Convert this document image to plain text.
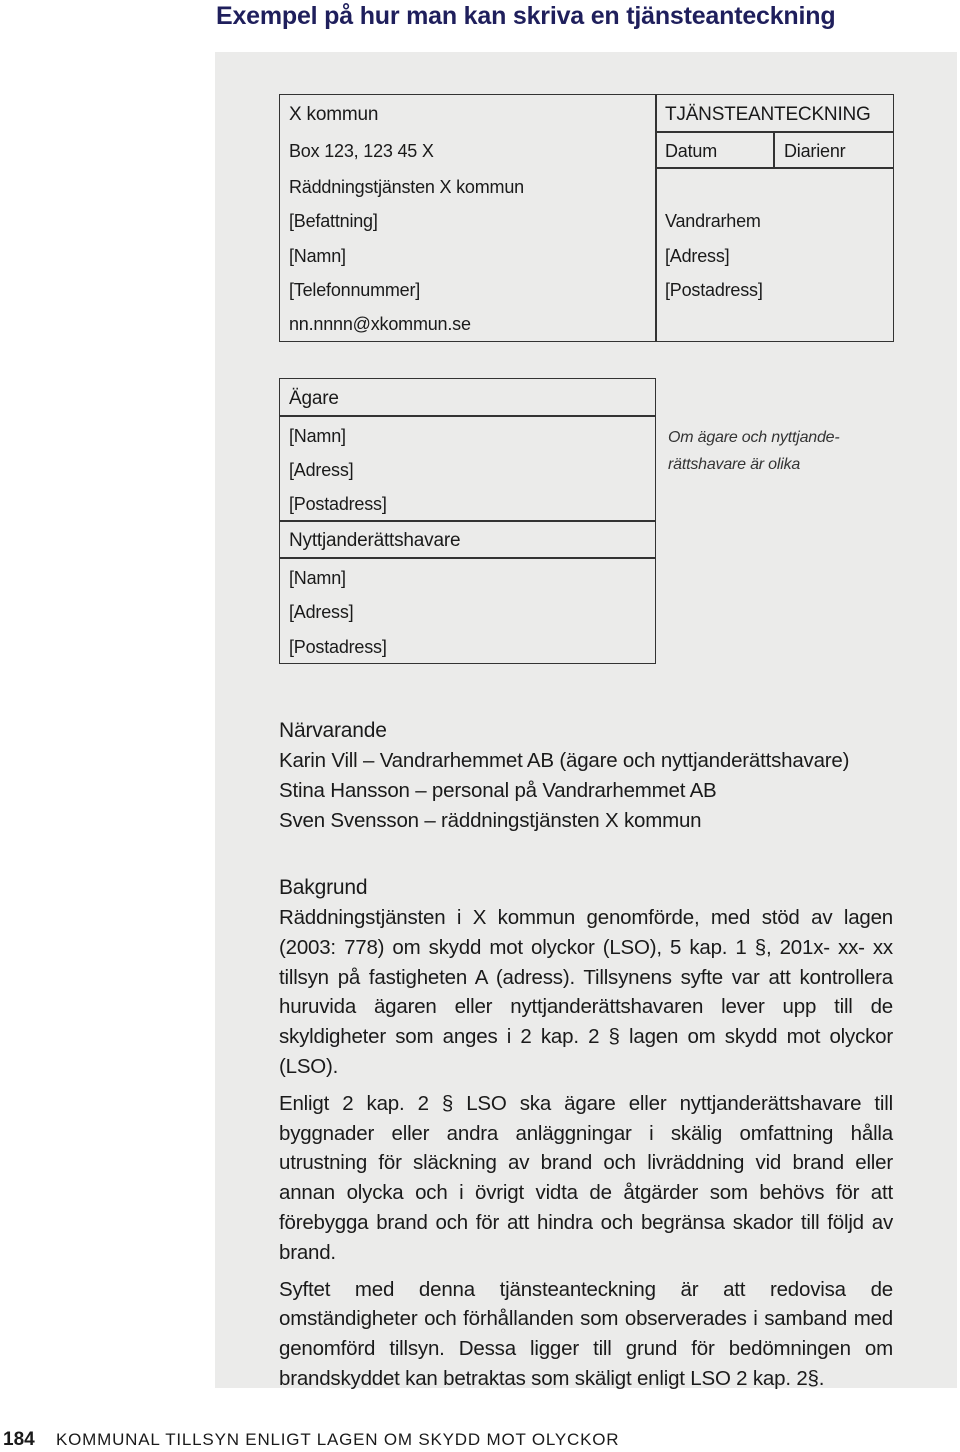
Exempel på hur man kan skriva en tjänsteanteckning

X kommun

Box 123, 123 45 X

Räddningstjänsten X kommun

[Befattning]

[Namn]

[Telefonnummer]

nn.nnnn@xkommun.se

TJÄNSTEANTECKNING

Datum	Diarienr

Vandrarhem

[Adress]

[Postadress]

Ägare

[Namn]

[Adress]

[Postadress]

Nyttjanderättshavare

[Namn]

[Adress]

[Postadress]

Om ägare och nyttjande-

rättshavare är olika

Närvarande

Karin Vill – Vandrarhemmet AB (ägare och nyttjanderättshavare)

Stina Hansson – personal på Vandrarhemmet AB

Sven Svensson – räddningstjänsten X kommun

Bakgrund

Räddningstjänsten i X kommun genomförde, med stöd av lagen (2003: 778) om skydd mot olyckor (LSO), 5 kap. 1 §, 201x- xx- xx tillsyn på fastigheten A (adress). Tillsynens syfte var att kontrollera huruvida ägaren eller nyttjanderättshavaren lever upp till de skyldigheter som anges i 2 kap. 2 § lagen om skydd mot olyckor (LSO).

Enligt 2 kap. 2 § LSO ska ägare eller nyttjanderättshavare till byggnader eller andra anläggningar i skälig omfattning hålla utrustning för släckning av brand och livräddning vid brand eller annan olycka och i övrigt vidta de åtgärder som behövs för att förebygga brand och för att hindra och begränsa skador till följd av brand.

Syftet med denna tjänsteanteckning är att redovisa de omständigheter och förhållanden som observerades i samband med genomförd tillsyn. Dessa ligger till grund för bedömningen om brandskyddet kan betraktas som skäligt enligt LSO 2 kap. 2§.

184 KOMMUNAL TILLSYN ENLIGT LAGEN OM SKYDD MOT OLYCKOR
